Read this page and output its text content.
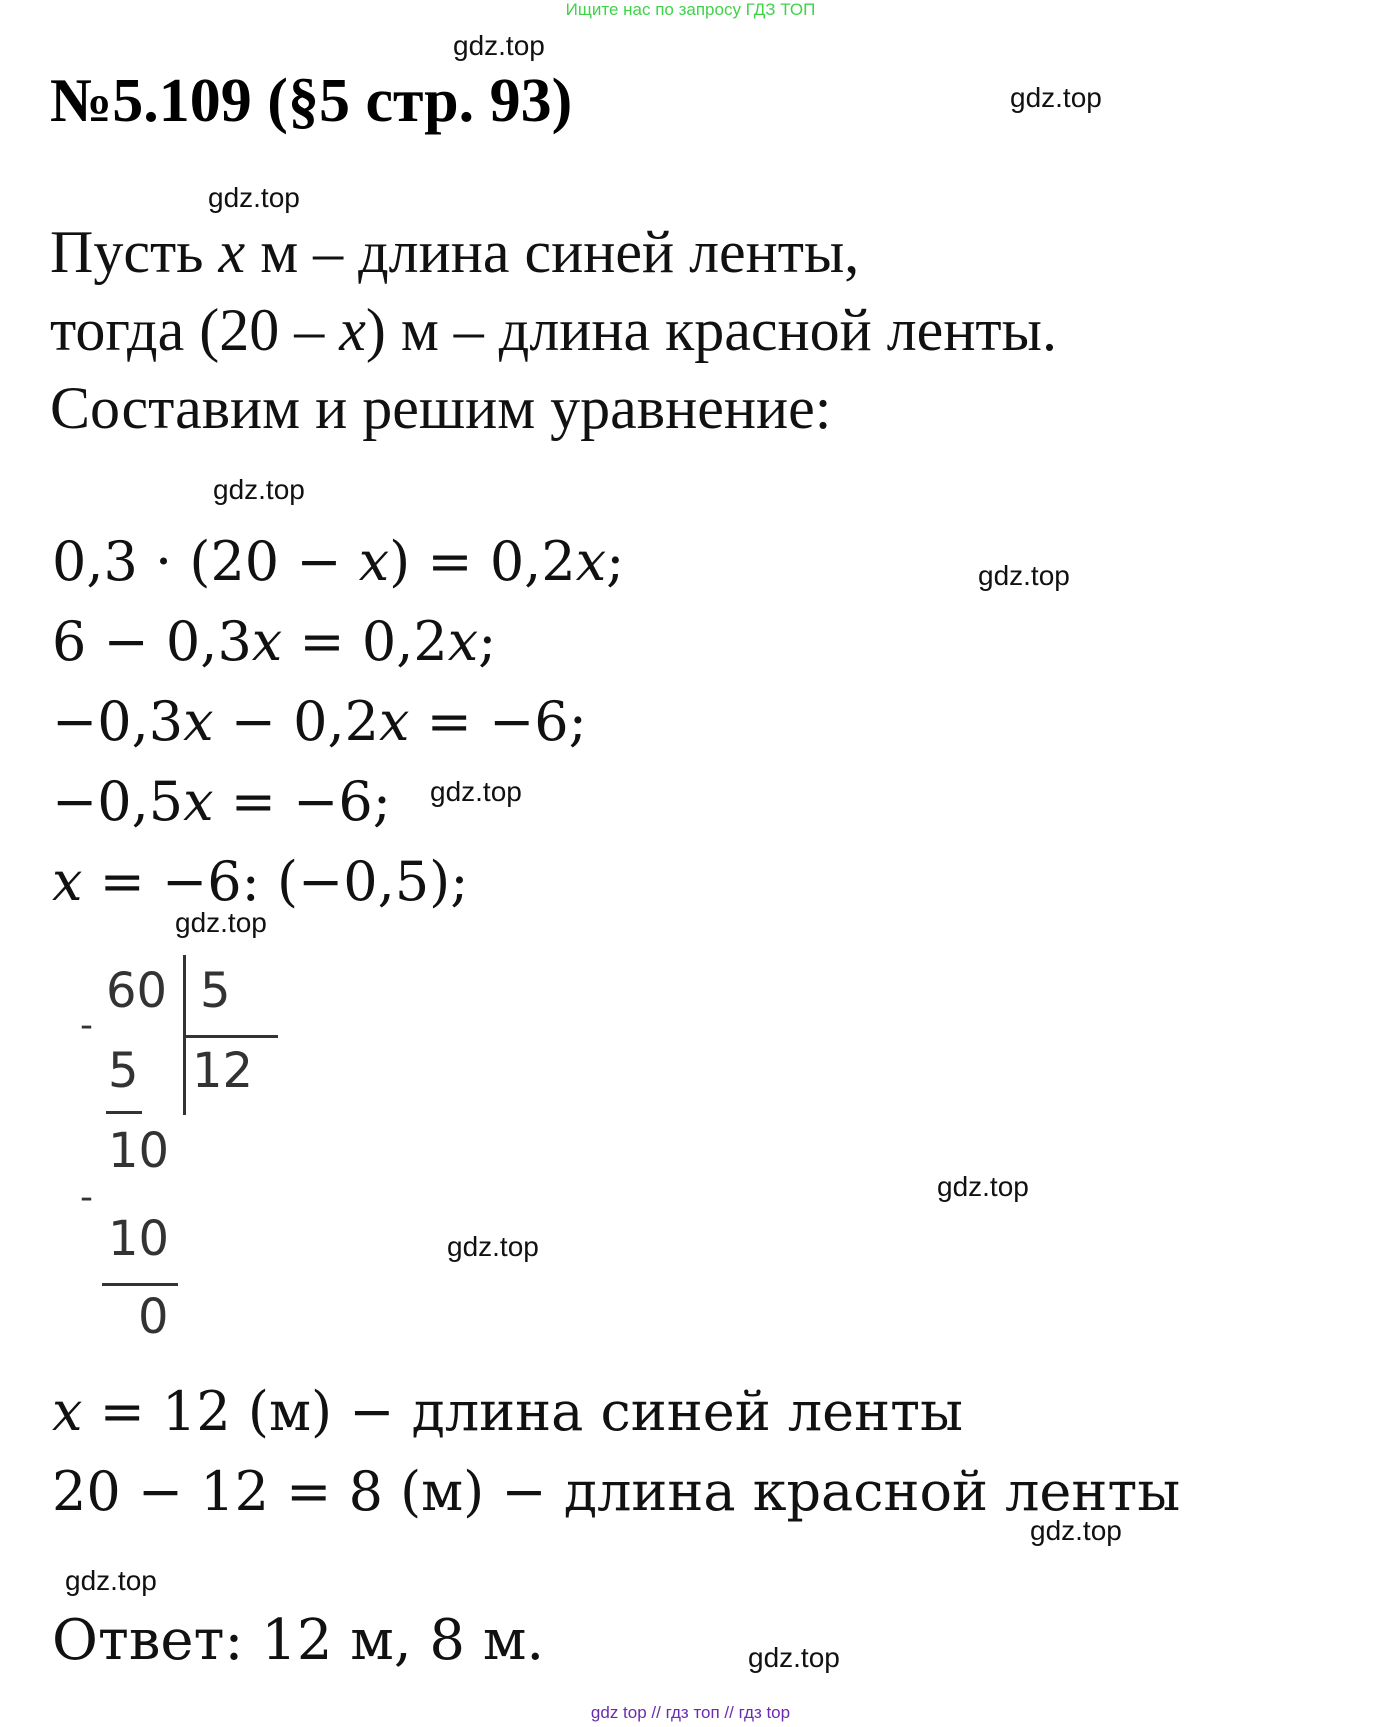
Ищите нас по запросу ГДЗ ТОП
№5.109 (§5 стр. 93)
gdz.top
gdz.top
gdz.top
gdz.top
gdz.top
gdz.top
gdz.top
gdz.top
gdz.top
gdz.top
gdz.top
gdz.top
Пусть x м – длина синей ленты,
тогда (20 – x) м – длина красной ленты.
Составим и решим уравнение:
0,3 · (20 − 𝑥) = 0,2𝑥;
6 − 0,3𝑥 = 0,2𝑥;
−0,3𝑥 − 0,2𝑥 = −6;
−0,5𝑥 = −6;
𝑥 = −6: (−0,5);
60 5
-
5 12
10
-
10
0
𝑥 = 12 (м) − длина синей ленты
20 − 12 = 8 (м) − длина красной ленты
Ответ: 12 м, 8 м.
gdz top // гдз топ // гдз top
